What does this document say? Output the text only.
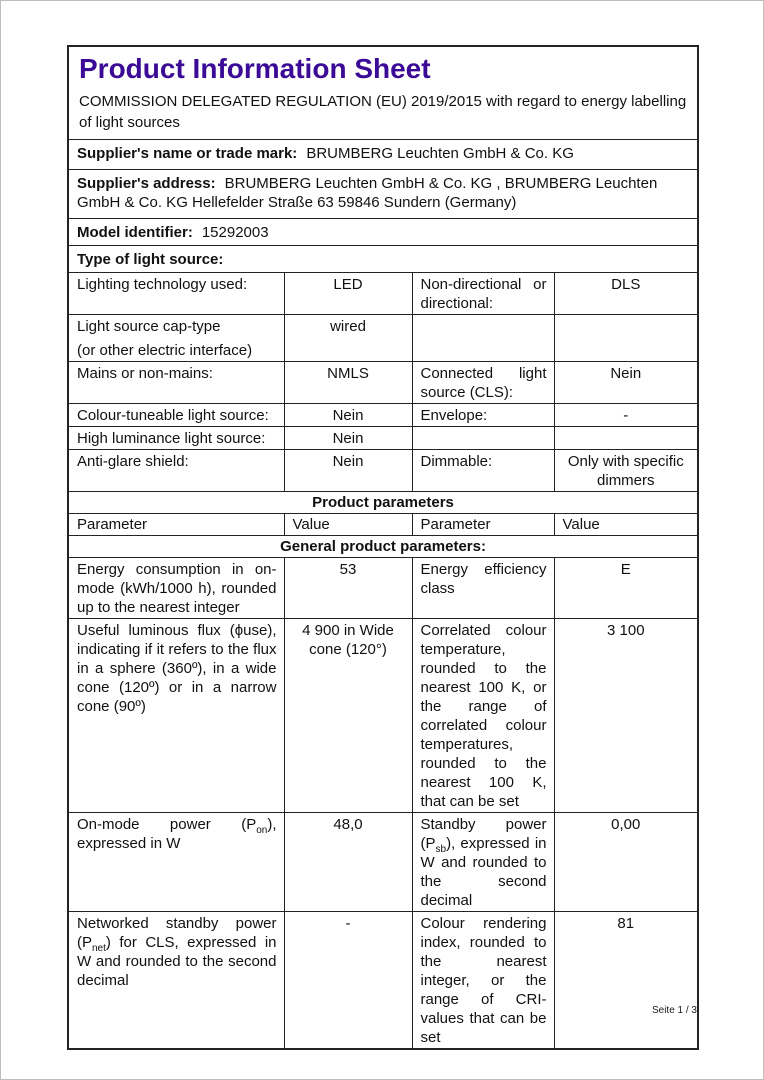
Product Information Sheet

COMMISSION DELEGATED REGULATION (EU) 2019/2015 with regard to energy labelling of light sources

Supplier's name or trade mark: BRUMBERG Leuchten GmbH & Co. KG			
Supplier's address: BRUMBERG Leuchten GmbH & Co. KG , BRUMBERG Leuchten GmbH & Co. KG Hellefelder Straße 63 59846 Sundern (Germany)			
Model identifier: 15292003			
Type of light source:			
Lighting technology used:	LED	Non-directional or directional:	DLS

Light source cap-type
(or other electric interface)	wired		
Mains or non-mains:	NMLS	Connected light source (CLS):	Nein
Colour-tuneable light source:	Nein	Envelope:	-
High luminance light source:	Nein		
Anti-glare shield:	Nein	Dimmable:	Only with specific dimmers
Product parameters			
Parameter	Value	Parameter	Value
General product parameters:			
Energy consumption in on-mode (kWh/1000 h), rounded up to the nearest integer	53	Energy efficiency class	E
Useful luminous flux (ϕuse), indicating if it refers to the flux in a sphere (360º), in a wide cone (120º) or in a narrow cone (90º)	4 900 in Wide cone (120°)	Correlated colour temperature, rounded to the nearest 100 K, or the range of correlated colour temperatures, rounded to the nearest 100 K, that can be set	3 100
On-mode power $(P_{on})$, expressed in W	48,0	Standby power $(P_{sb})$, expressed in W and rounded to the second decimal	0,00
Networked standby power $(P_{net})$ for CLS, expressed in W and rounded to the second decimal	-	Colour rendering index, rounded to the nearest integer, or the range of CRI-values that can be set	81
Seite 1 / 3
